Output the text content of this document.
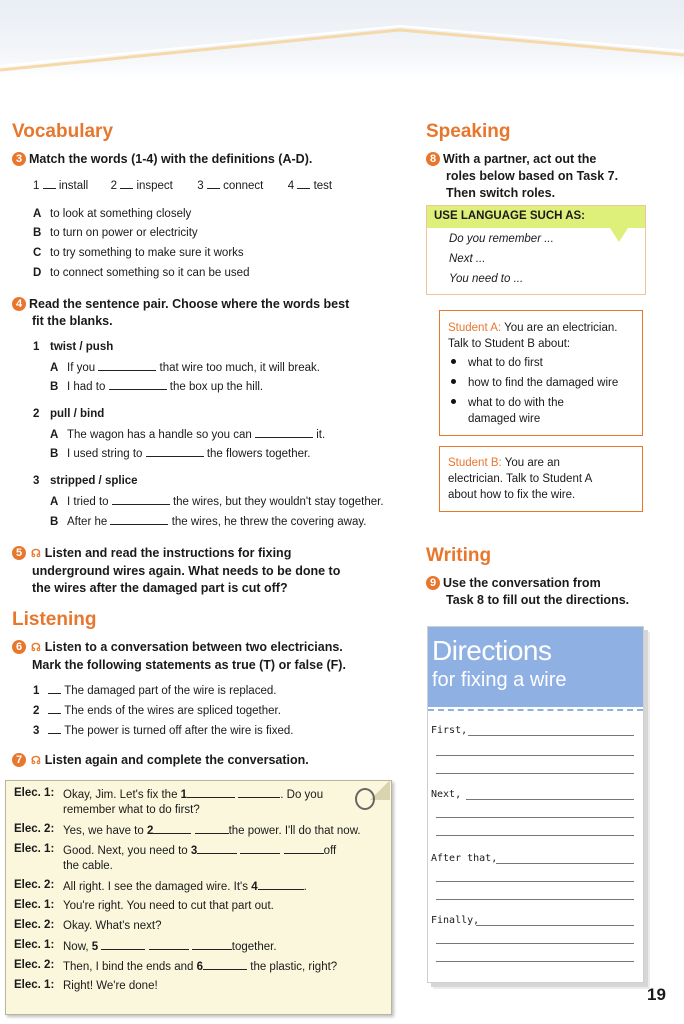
Vocabulary
3 Match the words (1-4) with the definitions (A-D).
1 install 2 inspect 3 connect 4 test
A to look at something closely
B to turn on power or electricity
C to try something to make sure it works
D to connect something so it can be used
4 Read the sentence pair. Choose where the words best
fit the blanks.
1 twist / push
A If you	that wire too much, it will break.
B I had to	the box up the hill.
2 pull / bind
A The wagon has a handle so you can	it.
B I used string to	the flowers together.
3 stripped / splice
A I tried to	the wires, but they wouldn't stay together.
B After he	the wires, he threw the covering away.
5 ☊ Listen and read the instructions for fixing
underground wires again. What needs to be done to
the wires after the damaged part is cut off?
Listening
6 ☊ Listen to a conversation between two electricians.
Mark the following statements as true (T) or false (F).
1 The damaged part of the wire is replaced.
2 The ends of the wires are spliced together.
3 The power is turned off after the wire is fixed.
7 ☊ Listen again and complete the conversation.
Elec. 1: Okay, Jim. Let's fix the 1	. Do you
remember what to do first?
Elec. 2: Yes, we have to 2	the power. I'll do that now.
Elec. 1: Good. Next, you need to 3	off
the cable.
Elec. 2: All right. I see the damaged wire. It's 4	.
Elec. 1: You're right. You need to cut that part out.
Elec. 2: Okay. What's next?
Elec. 1: Now, 5	together.
Elec. 2: Then, I bind the ends and 6	the plastic, right?
Elec. 1: Right! We're done!
Speaking
8 With a partner, act out the
roles below based on Task 7.
Then switch roles.
USE LANGUAGE SUCH AS:
Do you remember ...
Next ...
You need to ...
Student A: You are an electrician.
Talk to Student B about:
what to do first
how to find the damaged wire
what to do with the
damaged wire
Student B: You are an
electrician. Talk to Student A
about how to fix the wire.
Writing
9 Use the conversation from
Task 8 to fill out the directions.
Directions
for fixing a wire
First,
Next,
After that,
Finally,
19
